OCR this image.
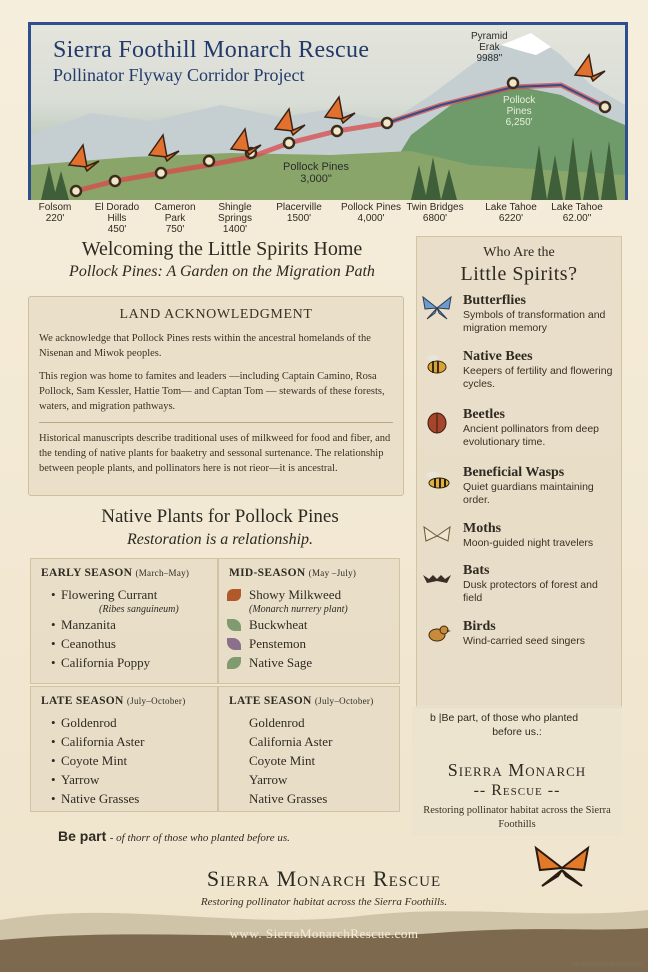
Sierra Foothill Monarch Rescue
Pollinator Flyway Corridor Project
Pyramid
Erak
9988"
Pollock
Pines
6,250'
Pollock Pines
3,000"
Folsom
220'
El Dorado
Hills
450'
Cameron
Park
750'
Shingle
Springs
1400'
Placerville
1500'
Pollock Pines
4,000'
Twin Bridges
6800'
Lake Tahoe
6220'
Lake Tahoe
62.00"
Welcoming the Little Spirits Home
Pollock Pines: A Garden on the Migration Path
LAND ACKNOWLEDGMENT

We acknowledge that Pollock Pines rests within the ancestral homelands of the Nisenan and Miwok peoples.

This region was home to famites and leaders —including Captain Camino, Rosa Pollock, Sam Kessler, Hattie Tom— and Captan Tom — stewards of these forests, waters, and migration pathways.

Historical manuscripts describe traditional uses of milkweed for food and fiber, and the tending of native plants for baaketry and sessonal surtenance. The relationship between people plants, and pollinators here is not rieor—it is ancestral.

Native Plants for Pollock Pines
Restoration is a relationship.
EARLY SEASON (March–May)
• Flowering Currant
(Ribes sanguineum)
• Manzanita
• Ceanothus
• California Poppy
MID-SEASON (May –July)
Showy Milkweed
(Monarch nurrery plant)
Buckwheat
Penstemon
Native Sage
LATE SEASON (July–October)
• Goldenrod
• California Aster
• Coyote Mint
• Yarrow
• Native Grasses
LATE SEASON (July–October)
Goldenrod
California Aster
Coyote Mint
Yarrow
Native Grasses
Be part - of thorr of those who planted before us.
Who Are the
Little Spirits?
Butterflies
Symbols of transformation and migration memory
Native Bees
Keepers of fertility and flowering cycles.
Beetles
Ancient pollinators from deep evolutionary time.
Beneficial Wasps
Quiet guardians maintaining order.
Moths
Moon-guided night travelers
Bats
Dusk protectors of forest and field
Birds
Wind-carried seed singers
b |Be part, of those who planted
before us.:
Sierra Monarch
-- Rescue --
Restoring pollinator habitat across the Sierra Foothills
Sierra Monarch Rescue
Restoring pollinator habitat across the Sierra Foothills.
www. SierraMonarchRescue.com
wesecrerrinatoprodes.com
